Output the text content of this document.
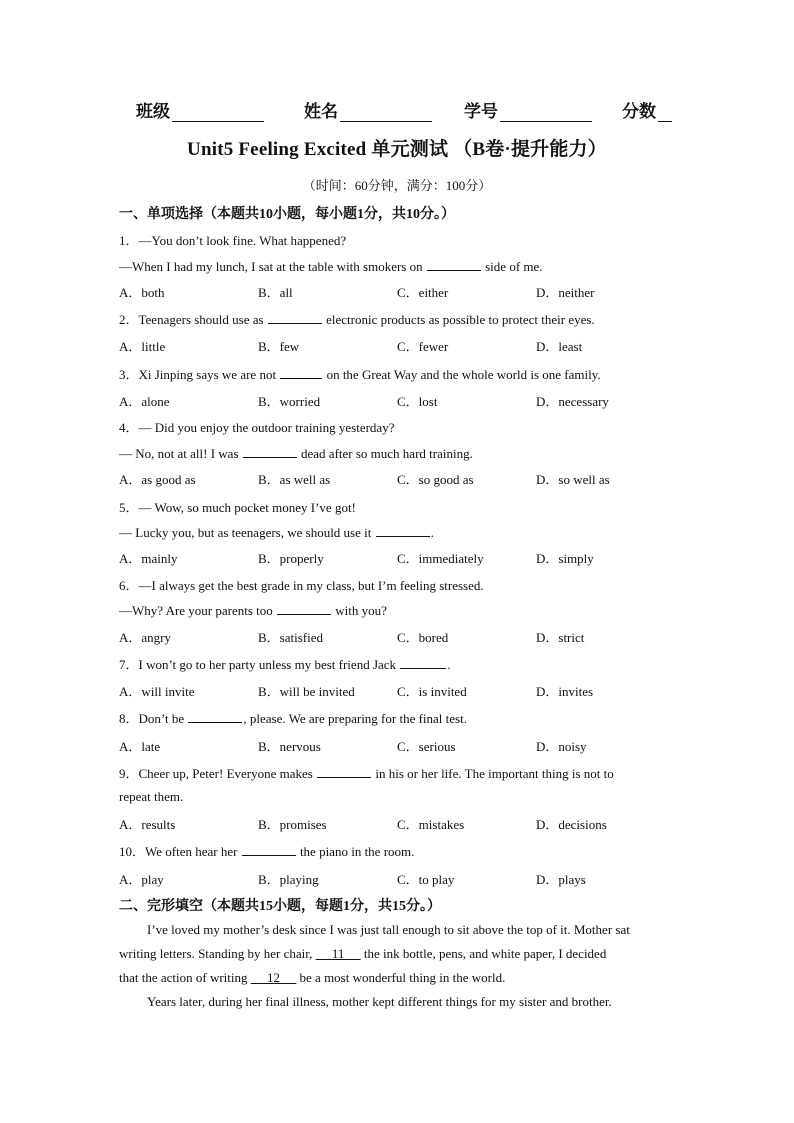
班级	姓名	学号	分数
Unit5 Feeling Excited 单元测试 （B卷·提升能力）
（时间：60分钟，满分：100分）
一、单项选择（本题共10小题，每小题1分，共10分。）
1．—You don’t look fine. What happened?
—When I had my lunch, I sat at the table with smokers on	side of me.
A．both	B．all	C．either	D．neither
2．Teenagers should use as	electronic products as possible to protect their eyes.
A．little	B．few	C．fewer	D．least
3．Xi Jinping says we are not	on the Great Way and the whole world is one family.
A．alone	B．worried	C．lost	D．necessary
4．— Did you enjoy the outdoor training yesterday?
— No, not at all! I was	dead after so much hard training.
A．as good as	B．as well as	C．so good as	D．so well as
5．— Wow, so much pocket money I’ve got!
— Lucky you, but as teenagers, we should use it	.
A．mainly	B．properly	C．immediately	D．simply
6．—I always get the best grade in my class, but I’m feeling stressed.
—Why? Are your parents too	with you?
A．angry	B．satisfied	C．bored	D．strict
7．I won’t go to her party unless my best friend Jack	.
A．will invite	B．will be invited	C．is invited	D．invites
8．Don’t be	, please. We are preparing for the final test.
A．late	B．nervous	C．serious	D．noisy
9．Cheer up, Peter! Everyone makes	in his or her life. The important thing is not to
repeat them.
A．results	B．promises	C．mistakes	D．decisions
10．We often hear her	the piano in the room.
A．play	B．playing	C．to play	D．plays
二、完形填空（本题共15小题，每题1分，共15分。）
I’ve loved my mother’s desk since I was just tall enough to sit above the top of it. Mother sat
writing letters. Standing by her chair,      11      the ink bottle, pens, and white paper, I decided
that the action of writing      12      be a most wonderful thing in the world.
Years later, during her final illness, mother kept different things for my sister and brother.
